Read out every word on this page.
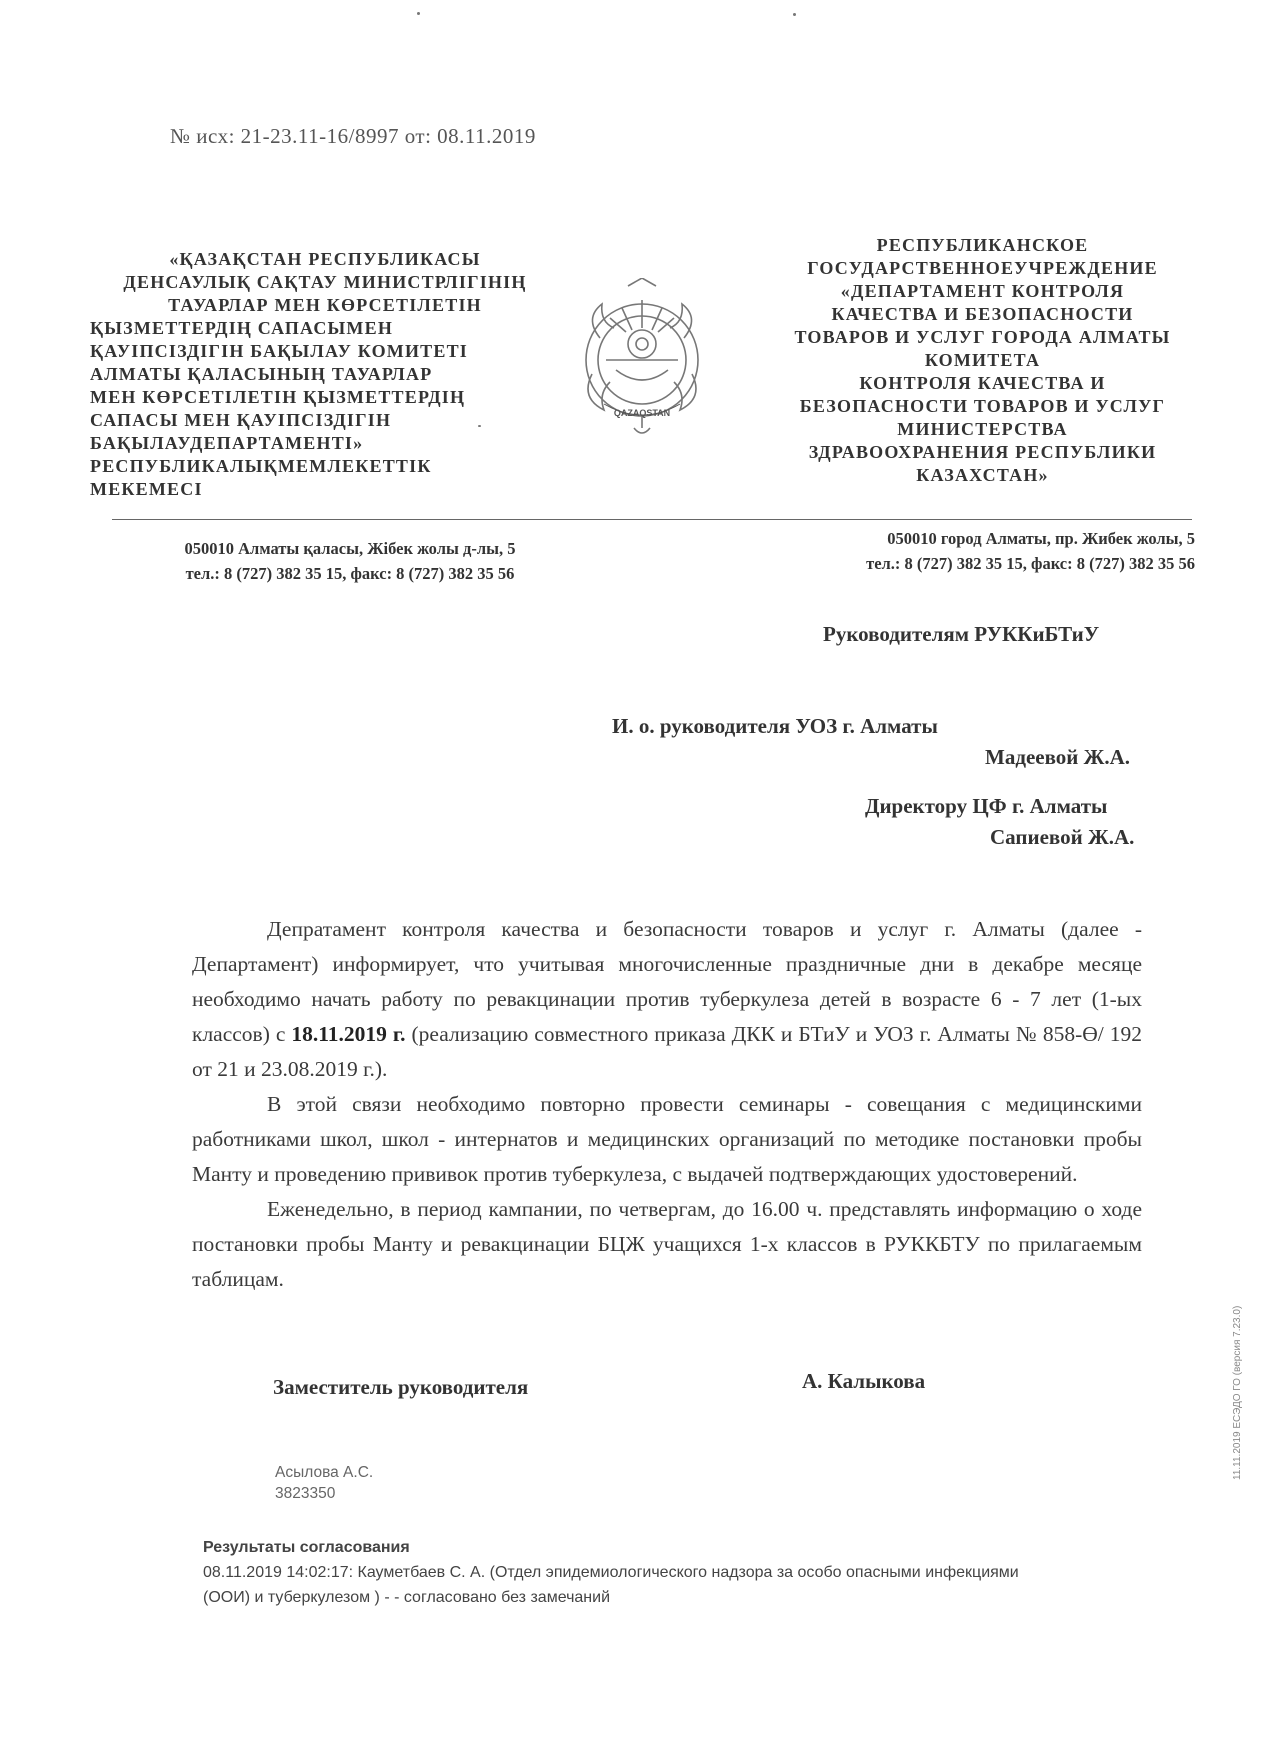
№ исх: 21-23.11-16/8997 от: 08.11.2019
«ҚАЗАҚСТАН РЕСПУБЛИКАСЫ
ДЕНСАУЛЫҚ САҚТАУ МИНИСТРЛІГІНІҢ
ТАУАРЛАР МЕН КӨРСЕТІЛЕТІН
ҚЫЗМЕТТЕРДІҢ САПАСЫМЕН
ҚАУІПСІЗДІГІН БАҚЫЛАУ КОМИТЕТІ
АЛМАТЫ ҚАЛАСЫНЫҢ ТАУАРЛАР
МЕН КӨРСЕТІЛЕТІН ҚЫЗМЕТТЕРДІҢ
САПАСЫ МЕН ҚАУІПСІЗДІГІН
БАҚЫЛАУДЕПАРТАМЕНТІ»
РЕСПУБЛИКАЛЫҚМЕМЛЕКЕТТІК
МЕКЕМЕСІ
QAZAQSTAN
РЕСПУБЛИКАНСКОЕ
ГОСУДАРСТВЕННОЕУЧРЕЖДЕНИЕ
«ДЕПАРТАМЕНТ КОНТРОЛЯ
КАЧЕСТВА И БЕЗОПАСНОСТИ
ТОВАРОВ И УСЛУГ ГОРОДА АЛМАТЫ
КОМИТЕТА
КОНТРОЛЯ КАЧЕСТВА И
БЕЗОПАСНОСТИ ТОВАРОВ И УСЛУГ
МИНИСТЕРСТВА
ЗДРАВООХРАНЕНИЯ РЕСПУБЛИКИ
КАЗАХСТАН»
050010 Алматы қаласы, Жібек жолы д-лы, 5
тел.: 8 (727) 382 35 15, факс: 8 (727) 382 35 56
050010 город Алматы, пр. Жибек жолы, 5
тел.: 8 (727) 382 35 15, факс: 8 (727) 382 35 56
Руководителям РУККиБТиУ
И. о. руководителя УОЗ г. Алматы
Мадеевой Ж.А.
Директору ЦФ г. Алматы
Сапиевой Ж.А.

Депратамент контроля качества и безопасности товаров и услуг г. Алматы (далее - Департамент) информирует, что учитывая многочисленные праздничные дни в декабре месяце необходимо начать работу по ревакцинации против туберкулеза детей в возрасте 6 - 7 лет (1-ых классов) с 18.11.2019 г. (реализацию совместного приказа ДКК и БТиУ и УОЗ г. Алматы № 858-Ө/ 192 от 21 и 23.08.2019 г.).

В этой связи необходимо повторно провести семинары - совещания с медицинскими работниками школ, школ - интернатов и медицинских организаций по методике постановки пробы Манту и проведению прививок против туберкулеза, с выдачей подтверждающих удостоверений.

Еженедельно, в период кампании, по четвергам, до 16.00 ч. представлять информацию о ходе постановки пробы Манту и ревакцинации БЦЖ учащихся 1-х классов в РУККБТУ по прилагаемым таблицам.

Заместитель руководителя	А. Калыкова
Асылова А.С.
3823350
Результаты согласования
08.11.2019 14:02:17: Кауметбаев С. А. (Отдел эпидемиологического надзора за особо опасными инфекциями
(ООИ) и туберкулезом ) - - согласовано без замечаний
11.11.2019 ЕСЭДО ГО (версия 7.23.0)
